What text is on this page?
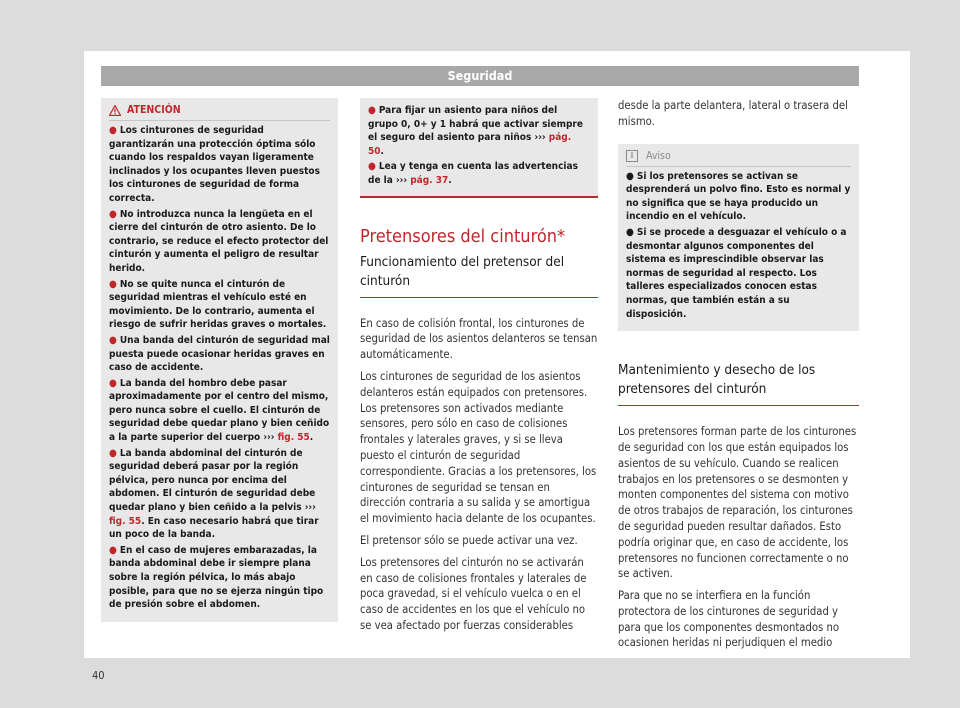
Seguridad
ATENCIÓN

● Los cinturones de seguridad garantizarán una protección óptima sólo cuando los respaldos vayan ligeramente inclinados y los ocupantes lleven puestos los cinturones de seguridad de forma correcta.

● No introduzca nunca la lengüeta en el cierre del cinturón de otro asiento. De lo contrario, se reduce el efecto protector del cinturón y aumenta el peligro de resultar herido.

● No se quite nunca el cinturón de seguridad mientras el vehículo esté en movimiento. De lo contrario, aumenta el riesgo de sufrir heridas graves o mortales.

● Una banda del cinturón de seguridad mal puesta puede ocasionar heridas graves en caso de accidente.

● La banda del hombro debe pasar aproximadamente por el centro del mismo, pero nunca sobre el cuello. El cinturón de seguridad debe quedar plano y bien ceñido a la parte superior del cuerpo ››› fig. 55.

● La banda abdominal del cinturón de seguridad deberá pasar por la región pélvica, pero nunca por encima del abdomen. El cinturón de seguridad debe quedar plano y bien ceñido a la pelvis ››› fig. 55. En caso necesario habrá que tirar un poco de la banda.

● En el caso de mujeres embarazadas, la banda abdominal debe ir siempre plana sobre la región pélvica, lo más abajo posible, para que no se ejerza ningún tipo de presión sobre el abdomen.

● Para fijar un asiento para niños del grupo 0, 0+ y 1 habrá que activar siempre el seguro del asiento para niños ››› pág. 50.

● Lea y tenga en cuenta las advertencias de la ››› pág. 37.

Pretensores del cinturón*
Funcionamiento del pretensor del cinturón

En caso de colisión frontal, los cinturones de seguridad de los asientos delanteros se tensan automáticamente.

Los cinturones de seguridad de los asientos delanteros están equipados con pretensores. Los pretensores son activados mediante sensores, pero sólo en caso de colisiones frontales y laterales graves, y si se lleva puesto el cinturón de seguridad correspondiente. Gracias a los pretensores, los cinturones de seguridad se tensan en dirección contraria a su salida y se amortigua el movimiento hacia delante de los ocupantes.

El pretensor sólo se puede activar una vez.

Los pretensores del cinturón no se activarán en caso de colisiones frontales y laterales de poca gravedad, si el vehículo vuelca o en el caso de accidentes en los que el vehículo no se vea afectado por fuerzas considerables

desde la parte delantera, lateral o trasera del mismo.

i	Aviso

● Si los pretensores se activan se desprenderá un polvo fino. Esto es normal y no significa que se haya producido un incendio en el vehículo.

● Si se procede a desguazar el vehículo o a desmontar algunos componentes del sistema es imprescindible observar las normas de seguridad al respecto. Los talleres especializados conocen estas normas, que también están a su disposición.

Mantenimiento y desecho de los pretensores del cinturón

Los pretensores forman parte de los cinturones de seguridad con los que están equipados los asientos de su vehículo. Cuando se realicen trabajos en los pretensores o se desmonten y monten componentes del sistema con motivo de otros trabajos de reparación, los cinturones de seguridad pueden resultar dañados. Esto podría originar que, en caso de accidente, los pretensores no funcionen correctamente o no se activen.

Para que no se interfiera en la función protectora de los cinturones de seguridad y para que los componentes desmontados no ocasionen heridas ni perjudiquen el medio

40
